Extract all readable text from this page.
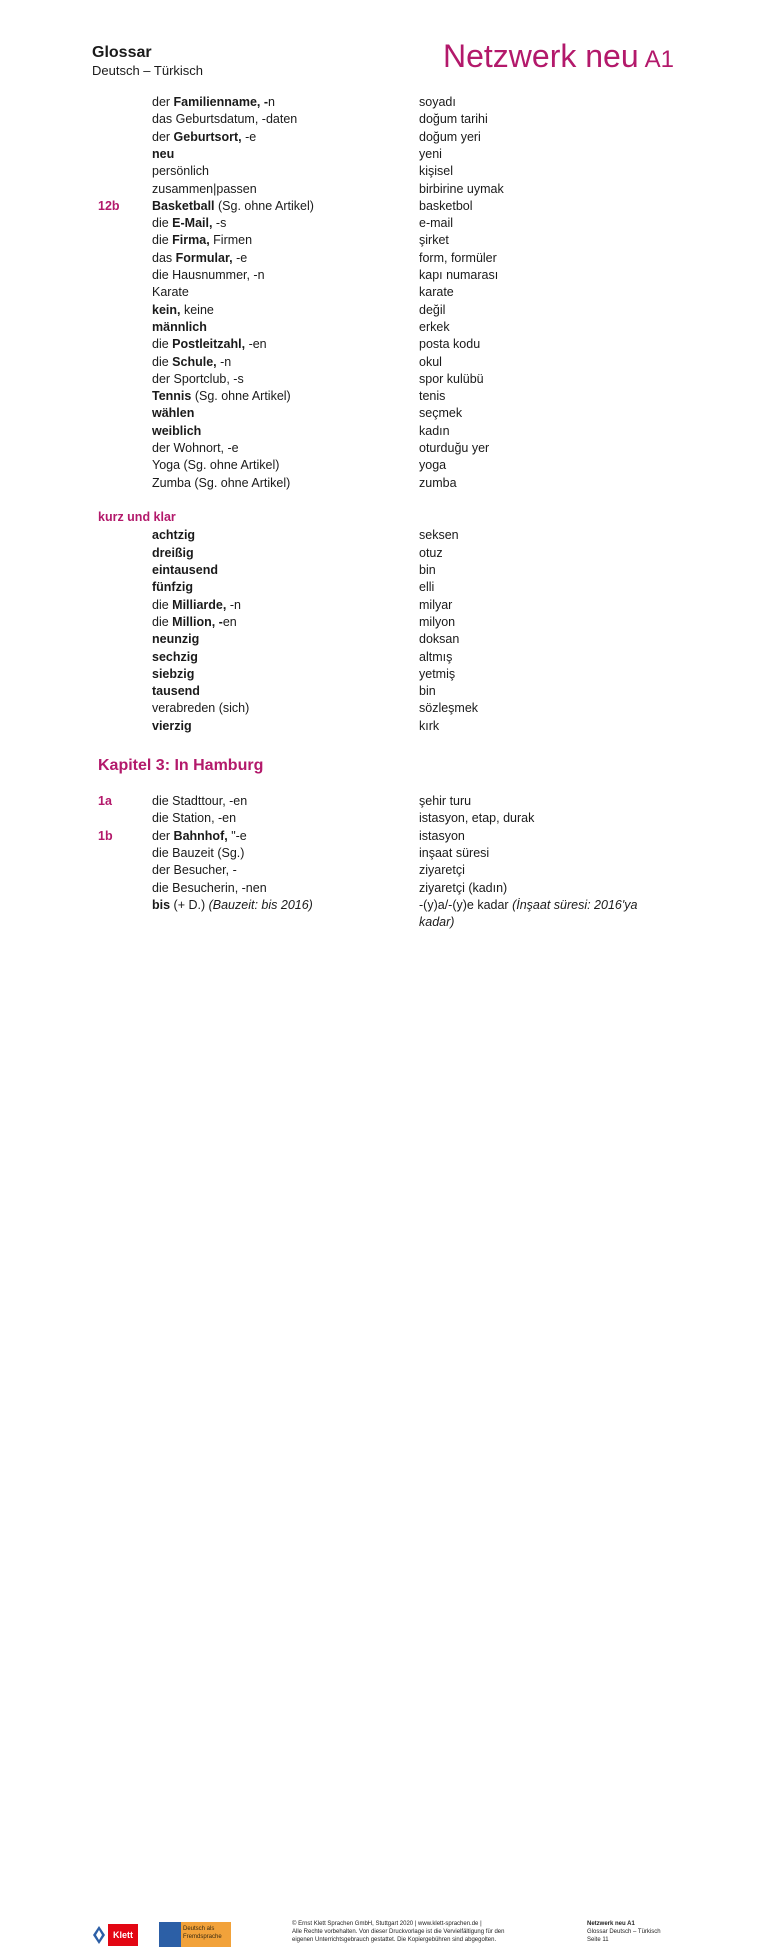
Glossar
Deutsch – Türkisch	Netzwerk neu A1
der Familienname, -n	soyadı
das Geburtsdatum, -daten	doğum tarihi
der Geburtsort, -e	doğum yeri
neu	yeni
persönlich	kişisel
zusammen|passen	birbirine uymak
12b	Basketball (Sg. ohne Artikel)	basketbol
die E-Mail, -s	e-mail
die Firma, Firmen	şirket
das Formular, -e	form, formüler
die Hausnummer, -n	kapı numarası
Karate	karate
kein, keine	değil
männlich	erkek
die Postleitzahl, -en	posta kodu
die Schule, -n	okul
der Sportclub, -s	spor kulübü
Tennis (Sg. ohne Artikel)	tenis
wählen	seçmek
weiblich	kadın
der Wohnort, -e	oturduğu yer
Yoga (Sg. ohne Artikel)	yoga
Zumba (Sg. ohne Artikel)	zumba
kurz und klar
achtzig	seksen
dreißig	otuz
eintausend	bin
fünfzig	elli
die Milliarde, -n	milyar
die Million, -en	milyon
neunzig	doksan
sechzig	altmış
siebzig	yetmiş
tausend	bin
verabreden (sich)	sözleşmek
vierzig	kırk
Kapitel 3: In Hamburg
1a	die Stadttour, -en	şehir turu
die Station, -en	istasyon, etap, durak
1b	der Bahnhof, "-e	istasyon
die Bauzeit (Sg.)	inşaat süresi
der Besucher, -	ziyaretçi
die Besucherin, -nen	ziyaretçi (kadın)
bis (+ D.) (Bauzeit: bis 2016)	-(y)a/-(y)e kadar (İnşaat süresi: 2016'ya
kadar)
Klett
Deutsch als Fremdsprache
© Ernst Klett Sprachen GmbH, Stuttgart 2020 | www.klett-sprachen.de |
Alle Rechte vorbehalten. Von dieser Druckvorlage ist die Vervielfältigung für den
eigenen Unterrichtsgebrauch gestattet. Die Kopiergebühren sind abgegolten.
Netzwerk neu A1
Glossar Deutsch – Türkisch
Seite 11
